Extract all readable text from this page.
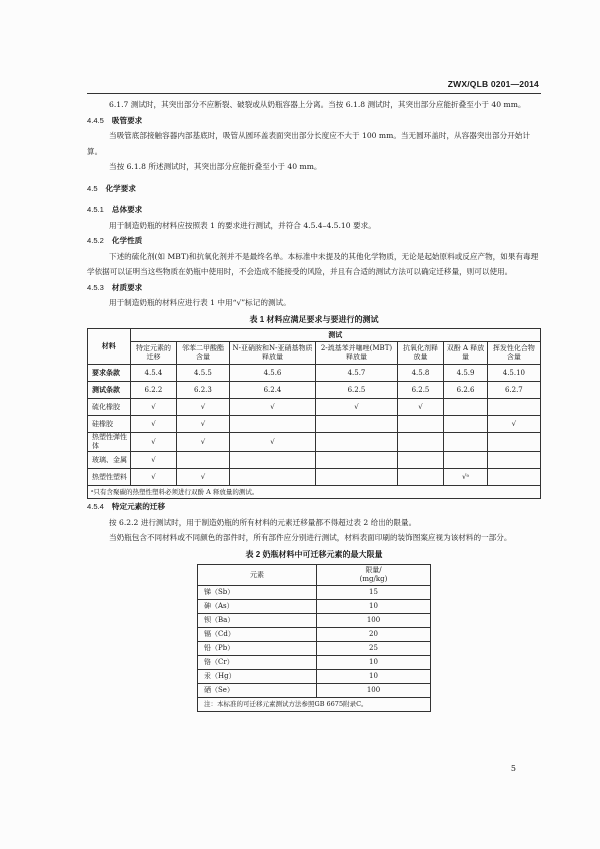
ZWX/QLB 0201—2014

6.1.7 测试时，其突出部分不应断裂、破裂或从奶瓶容器上分离。当按 6.1.8 测试时，其突出部分应能折叠至小于 40 mm。

4.4.5 吸管要求

当吸管底部接触容器内部基底时，吸管从圆环盖表面突出部分长度应不大于 100 mm。当无圆环盖时，从容器突出部分开始计算。

当按 6.1.8 所述测试时，其突出部分应能折叠至小于 40 mm。

4.5 化学要求

4.5.1 总体要求

用于制造奶瓶的材料应按照表 1 的要求进行测试，并符合 4.5.4–4.5.10 要求。

4.5.2 化学性质

下述的硫化剂(如 MBT)和抗氧化剂并不是最终名单。本标准中未提及的其他化学物质，无论是起始原料或反应产物，如果有毒理学依据可以证明当这些物质在奶瓶中使用时，不会造成不能接受的风险，并且有合适的测试方法可以确定迁移量，则可以使用。

4.5.3 材质要求

用于制造奶瓶的材料应进行表 1 中用“√”标记的测试。

表 1 材料应满足要求与要进行的测试
材料	测试						
	特定元素的迁移	邻苯二甲酸酯含量	N-亚硝胺和N-亚硝基物质释放量	2-巯基苯并噻唑(MBT)释放量	抗氧化剂释放量	双酚 A 释放量	挥发性化合物含量
要求条款	4.5.4	4.5.5	4.5.6	4.5.7	4.5.8	4.5.9	4.5.10
测试条款	6.2.2	6.2.3	6.2.4	6.2.5	6.2.5	6.2.6	6.2.7
硫化橡胶	√	√	√	√	√		
硅橡胶	√	√					√
热塑性弹性体	√	√	√				
玻璃、金属	√						
热塑性塑料	√	√				√ᵃ	
ᵃ只有含聚碳的热塑性塑料必须进行双酚 A 释放量的测试。							

4.5.4 特定元素的迁移

按 6.2.2 进行测试时，用于制造奶瓶的所有材料的元素迁移量都不得超过表 2 给出的限量。

当奶瓶包含不同材料或不同颜色的部件时，所有部件应分别进行测试，材料表面印刷的装饰图案应视为该材料的一部分。

表 2 奶瓶材料中可迁移元素的最大限量
元素	限量/
(mg/kg)
锑（Sb）	15
砷（As）	10
钡（Ba）	100
镉（Cd）	20
铅（Pb）	25
铬（Cr）	10
汞（Hg）	10
硒（Se）	100
注：本标准的可迁移元素测试方法参照GB 6675附录C。	
5
